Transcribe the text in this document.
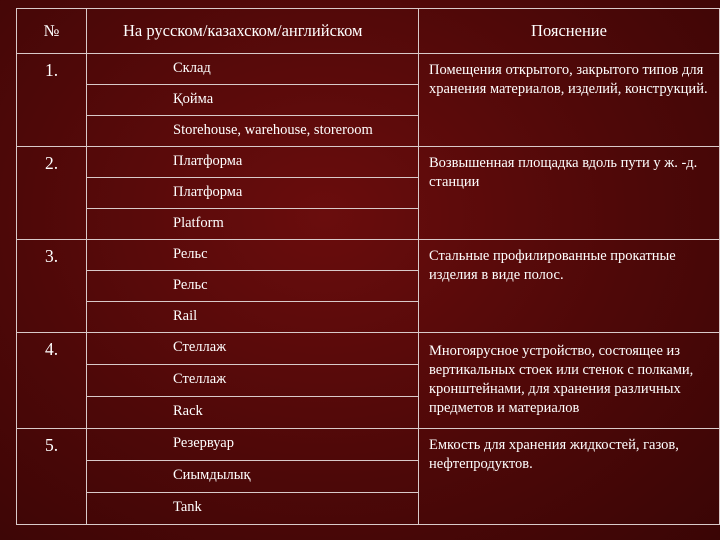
№	На русском/казахском/английском	Пояснение
1.	Склад	Помещения открытого, закрытого типов для хранения материалов, изделий, конструкций.
	Қойма	
	Storehouse, warehouse, storeroom	
2.	Платформа	Возвышенная площадка вдоль пути у ж. -д. станции
	Платформа	
	Platform	
3.	Рельс	Стальные профилированные прокатные изделия в виде полос.
	Рельс	
	Rail	
4.	Стеллаж	Многоярусное устройство, состоящее из вертикальных стоек или стенок с полками, кронштейнами, для хранения различных предметов и материалов
	Стеллаж	
	Rack	
5.	Резервуар	Емкость для хранения жидкостей, газов, нефтепродуктов.
	Сиымдылық	
	Tank	
